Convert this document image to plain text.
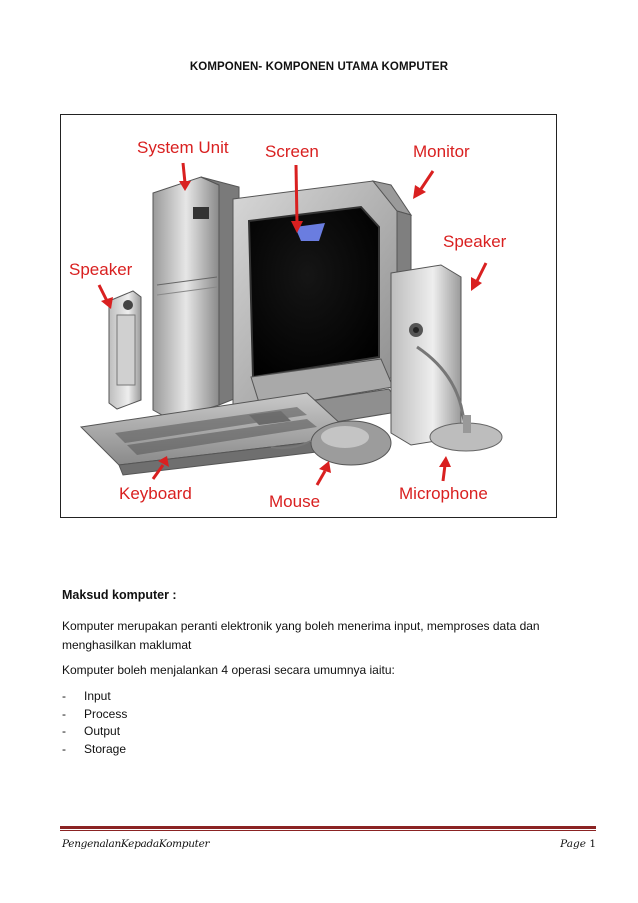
KOMPONEN- KOMPONEN UTAMA KOMPUTER
System Unit Screen	Monitor
Speaker
Speaker
Keyboard	Mouse	Microphone
Maksud komputer :
Komputer merupakan peranti elektronik yang boleh menerima input, memproses data dan menghasilkan maklumat
Komputer boleh menjalankan 4 operasi secara umumnya iaitu:
- Input
- Process
- Output
- Storage
PengenalanKepadaKomputer	Page 1
